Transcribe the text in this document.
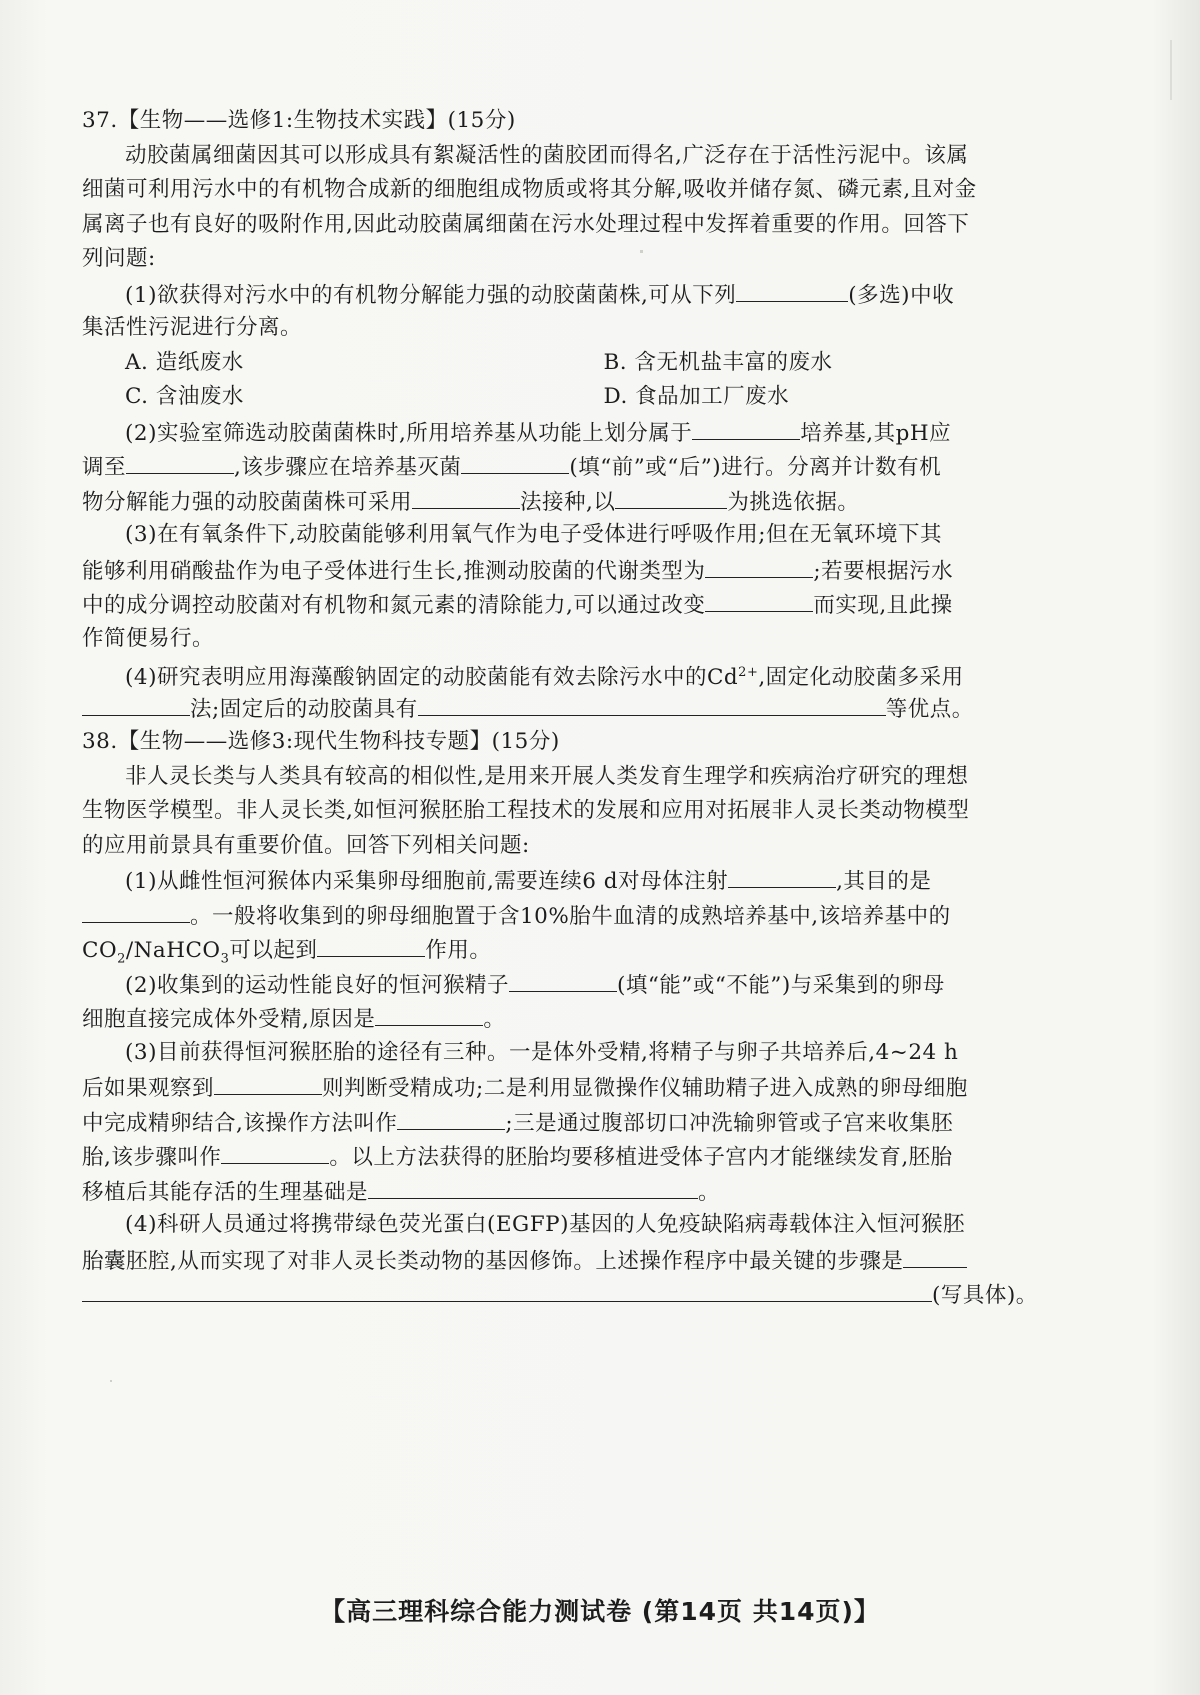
37.【生物——选修1:生物技术实践】(15分)
动胶菌属细菌因其可以形成具有絮凝活性的菌胶团而得名,广泛存在于活性污泥中。该属
细菌可利用污水中的有机物合成新的细胞组成物质或将其分解,吸收并储存氮、磷元素,且对金
属离子也有良好的吸附作用,因此动胶菌属细菌在污水处理过程中发挥着重要的作用。回答下
列问题:
(1)欲获得对污水中的有机物分解能力强的动胶菌菌株,可从下列	(多选)中收
集活性污泥进行分离。
A. 造纸废水	B. 含无机盐丰富的废水
C. 含油废水	D. 食品加工厂废水
(2)实验室筛选动胶菌菌株时,所用培养基从功能上划分属于	培养基,其pH应
调至	,该步骤应在培养基灭菌	(填“前”或“后”)进行。分离并计数有机
物分解能力强的动胶菌菌株可采用	法接种,以	为挑选依据。
(3)在有氧条件下,动胶菌能够利用氧气作为电子受体进行呼吸作用;但在无氧环境下其
能够利用硝酸盐作为电子受体进行生长,推测动胶菌的代谢类型为	;若要根据污水
中的成分调控动胶菌对有机物和氮元素的清除能力,可以通过改变	而实现,且此操
作简便易行。
(4)研究表明应用海藻酸钠固定的动胶菌能有效去除污水中的$Cd^{2+}$,固定化动胶菌多采用
法;固定后的动胶菌具有	等优点。
38.【生物——选修3:现代生物科技专题】(15分)
非人灵长类与人类具有较高的相似性,是用来开展人类发育生理学和疾病治疗研究的理想
生物医学模型。非人灵长类,如恒河猴胚胎工程技术的发展和应用对拓展非人灵长类动物模型
的应用前景具有重要价值。回答下列相关问题:
(1)从雌性恒河猴体内采集卵母细胞前,需要连续6 d对母体注射	,其目的是
。一般将收集到的卵母细胞置于含10%胎牛血清的成熟培养基中,该培养基中的
$CO_2/NaHCO_3$可以起到	作用。
(2)收集到的运动性能良好的恒河猴精子	(填“能”或“不能”)与采集到的卵母
细胞直接完成体外受精,原因是	。
(3)目前获得恒河猴胚胎的途径有三种。一是体外受精,将精子与卵子共培养后,4~24 h
后如果观察到	则判断受精成功;二是利用显微操作仪辅助精子进入成熟的卵母细胞
中完成精卵结合,该操作方法叫作	;三是通过腹部切口冲洗输卵管或子宫来收集胚
胎,该步骤叫作	。以上方法获得的胚胎均要移植进受体子宫内才能继续发育,胚胎
移植后其能存活的生理基础是	。
(4)科研人员通过将携带绿色荧光蛋白(EGFP)基因的人免疫缺陷病毒载体注入恒河猴胚
胎囊胚腔,从而实现了对非人灵长类动物的基因修饰。上述操作程序中最关键的步骤是
(写具体)。
【高三理科综合能力测试卷 (第14页 共14页)】
